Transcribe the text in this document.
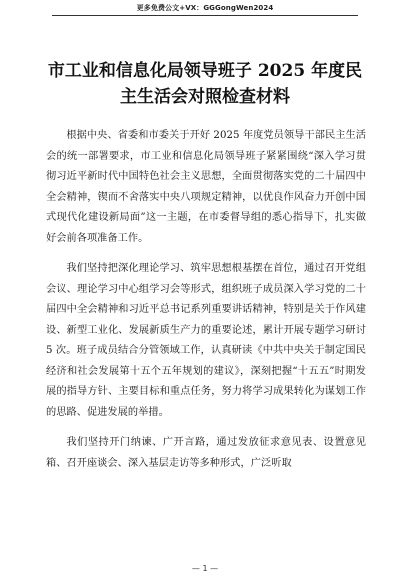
更多免费公文+VX：GGGongWen2024
市工业和信息化局领导班子 2025 年度民
主生活会对照检查材料

根据中央、省委和市委关于开好 2025 年度党员领导干部民主生活会的统一部署要求，市工业和信息化局领导班子紧紧围绕“深入学习贯彻习近平新时代中国特色社会主义思想，全面贯彻落实党的二十届四中全会精神，锲而不舍落实中央八项规定精神，以优良作风奋力开创中国式现代化建设新局面”这一主题，在市委督导组的悉心指导下，扎实做好会前各项准备工作。

我们坚持把深化理论学习、筑牢思想根基摆在首位，通过召开党组会议、理论学习中心组学习会等形式，组织班子成员深入学习党的二十届四中全会精神和习近平总书记系列重要讲话精神，特别是关于作风建设、新型工业化、发展新质生产力的重要论述，累计开展专题学习研讨 5 次。班子成员结合分管领域工作，认真研读《中共中央关于制定国民经济和社会发展第十五个五年规划的建议》，深刻把握“十五五”时期发展的指导方针、主要目标和重点任务，努力将学习成果转化为谋划工作的思路、促进发展的举措。

我们坚持开门纳谏、广开言路，通过发放征求意见表、设置意见箱、召开座谈会、深入基层走访等多种形式，广泛听取

— 1 —
